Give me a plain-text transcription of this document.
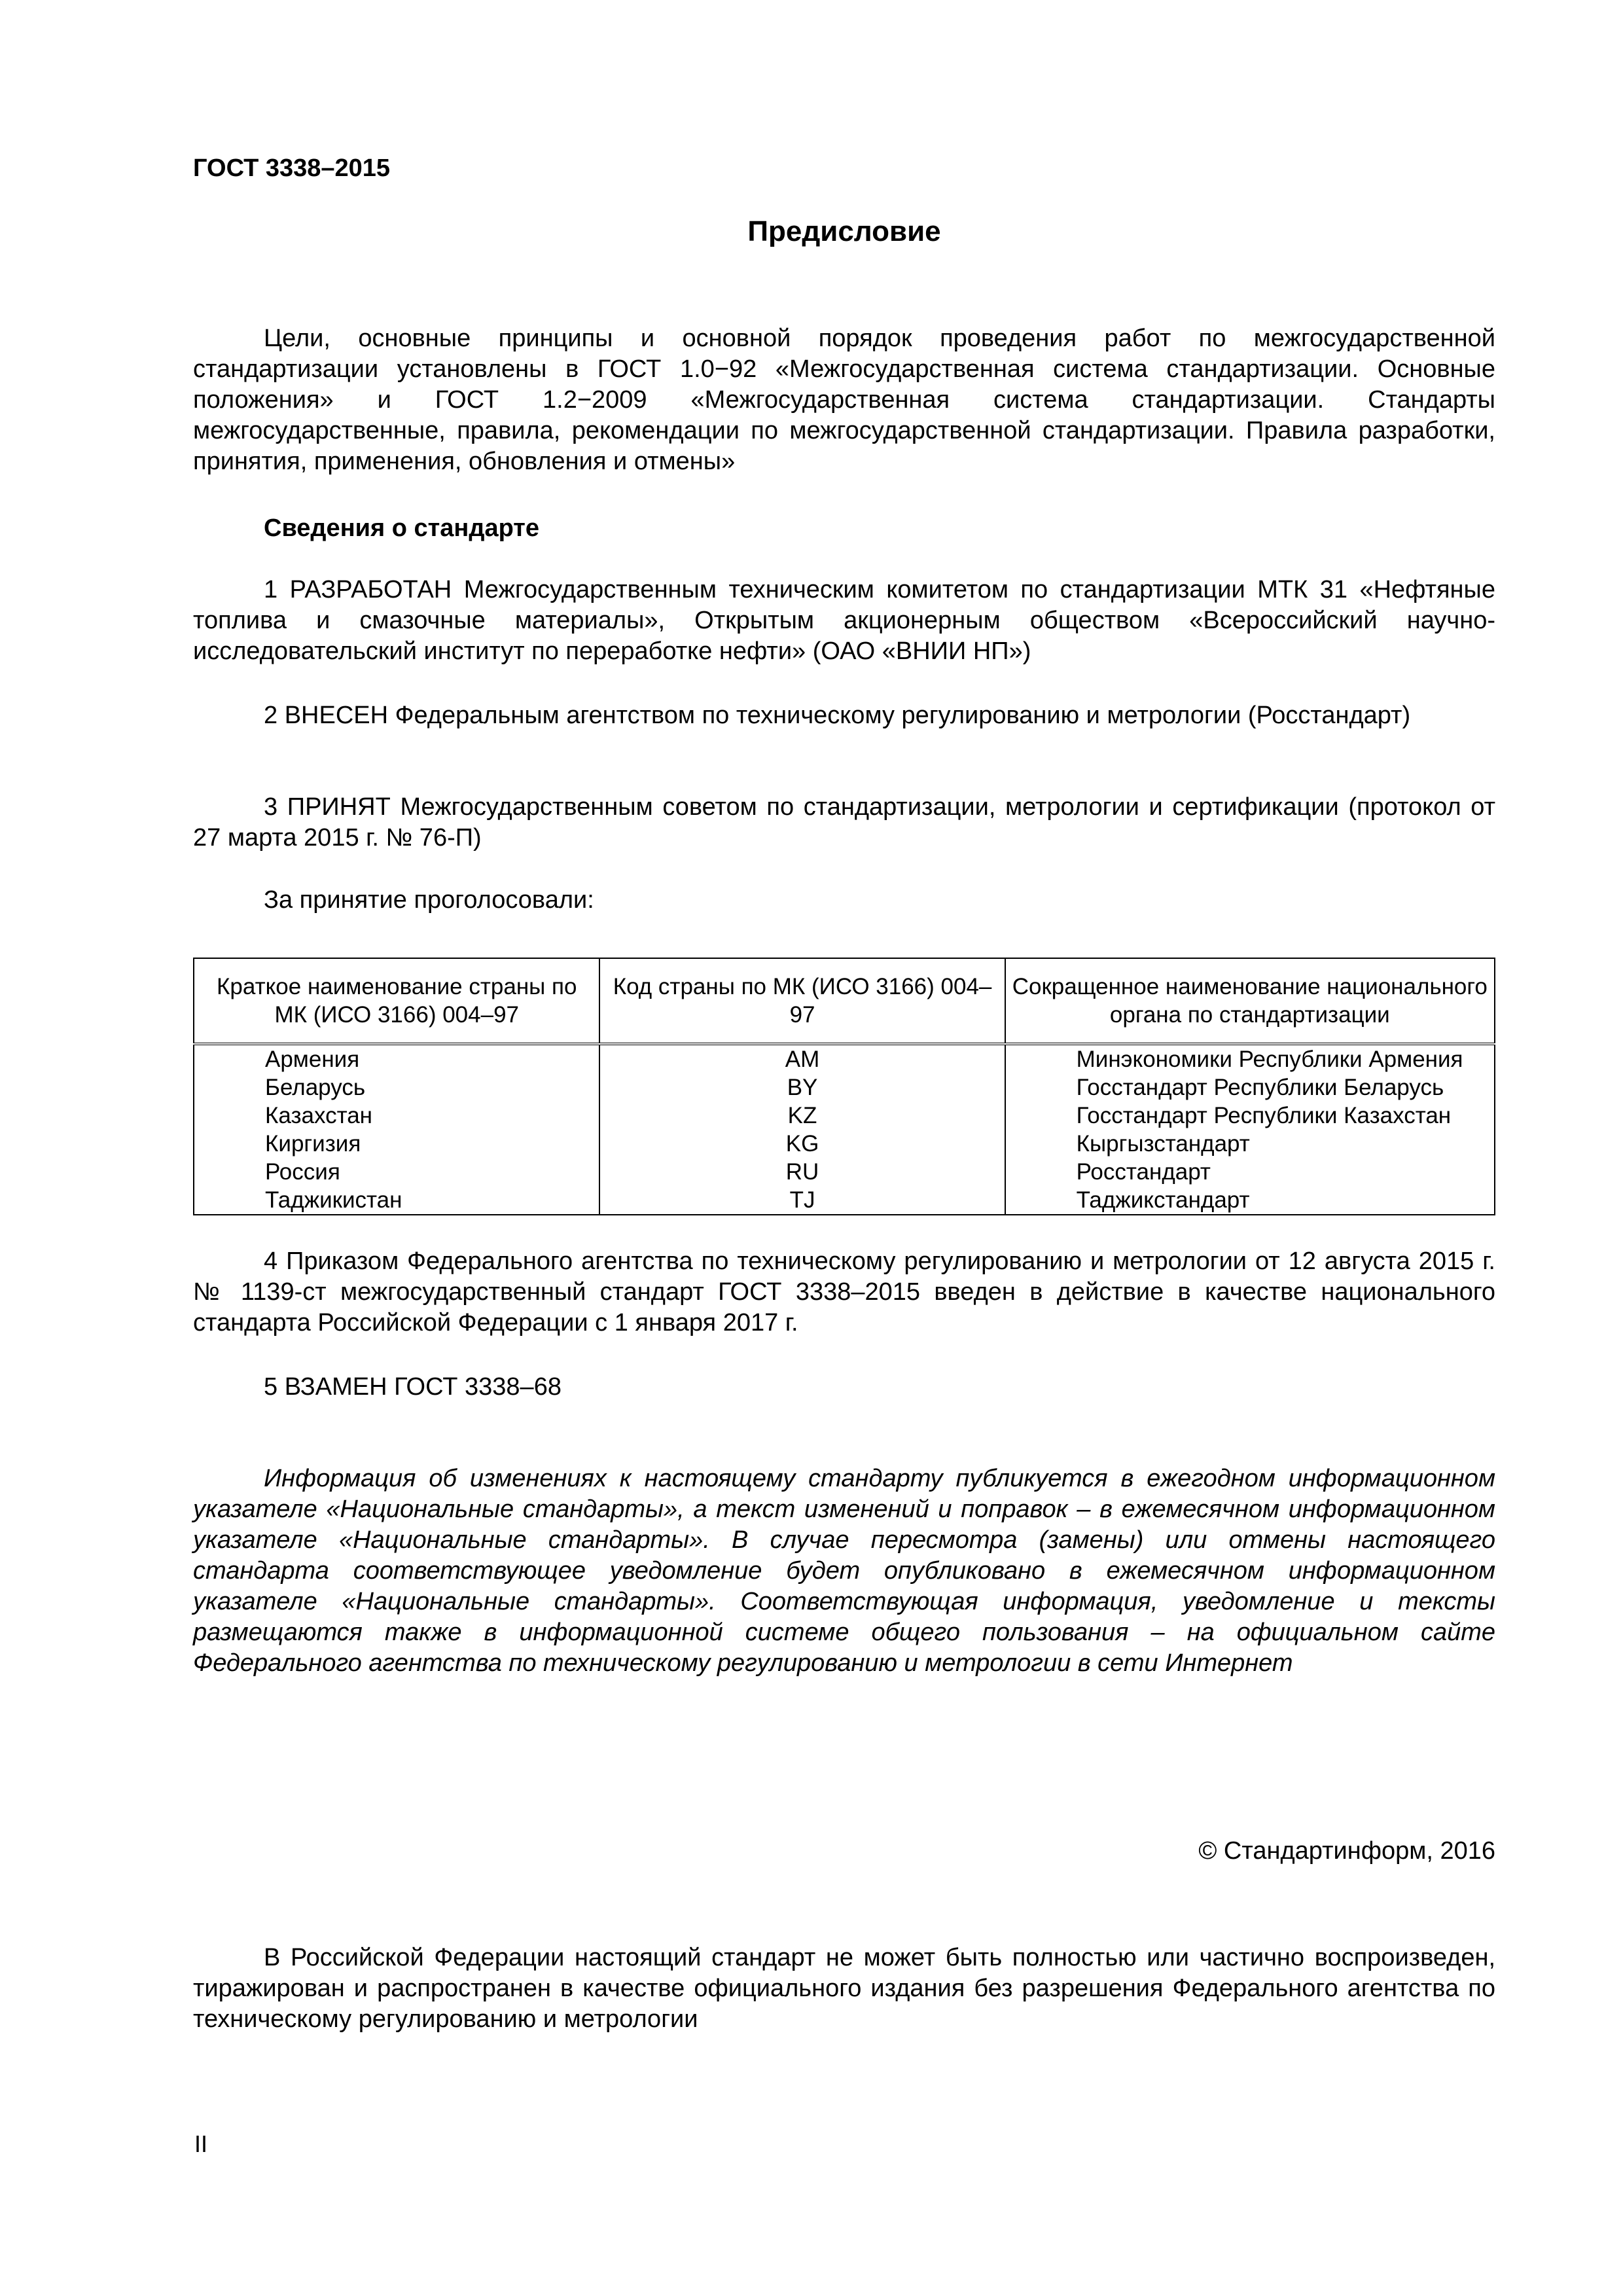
ГОСТ 3338–2015
Предисловие

Цели, основные принципы и основной порядок проведения работ по межгосударственной стандартизации установлены в ГОСТ 1.0−92 «Межгосударственная система стандартизации. Основные положения» и ГОСТ 1.2−2009 «Межгосударственная система стандартизации. Стандарты межгосударственные, правила, рекомендации по межгосударственной стандартизации. Правила разработки, принятия, применения, обновления и отмены»

Сведения о стандарте

1 РАЗРАБОТАН Межгосударственным техническим комитетом по стандартизации МТК 31 «Нефтяные топлива и смазочные материалы», Открытым акционерным обществом «Всероссийский научно-исследовательский институт по переработке нефти» (ОАО «ВНИИ НП»)

2 ВНЕСЕН Федеральным агентством по техническому регулированию и метрологии (Росстандарт)

3 ПРИНЯТ Межгосударственным советом по стандартизации, метрологии и сертификации (протокол от 27 марта 2015 г. № 76-П)

За принятие проголосовали:

Краткое наименование страны по МК (ИСО 3166) 004–97	Код страны по МК (ИСО 3166) 004–97	Сокращенное наименование национального органа по стандартизации
Армения	AM	Минэкономики Республики Армения
Беларусь	BY	Госстандарт Республики Беларусь
Казахстан	KZ	Госстандарт Республики Казахстан
Киргизия	KG	Кыргызстандарт
Россия	RU	Росстандарт
Таджикистан	TJ	Таджикстандарт

4 Приказом Федерального агентства по техническому регулированию и метрологии от 12 августа 2015 г. № 1139-ст межгосударственный стандарт ГОСТ 3338–2015 введен в действие в качестве национального стандарта Российской Федерации с 1 января 2017 г.

5 ВЗАМЕН ГОСТ 3338–68

Информация об изменениях к настоящему стандарту публикуется в ежегодном информационном указателе «Национальные стандарты», а текст изменений и поправок – в ежемесячном информационном указателе «Национальные стандарты». В случае пересмотра (замены) или отмены настоящего стандарта соответствующее уведомление будет опубликовано в ежемесячном информационном указателе «Национальные стандарты». Соответствующая информация, уведомление и тексты размещаются также в информационной системе общего пользования – на официальном сайте Федерального агентства по техническому регулированию и метрологии в сети Интернет

© Стандартинформ, 2016

В Российской Федерации настоящий стандарт не может быть полностью или частично воспроизведен, тиражирован и распространен в качестве официального издания без разрешения Федерального агентства по техническому регулированию и метрологии

II
